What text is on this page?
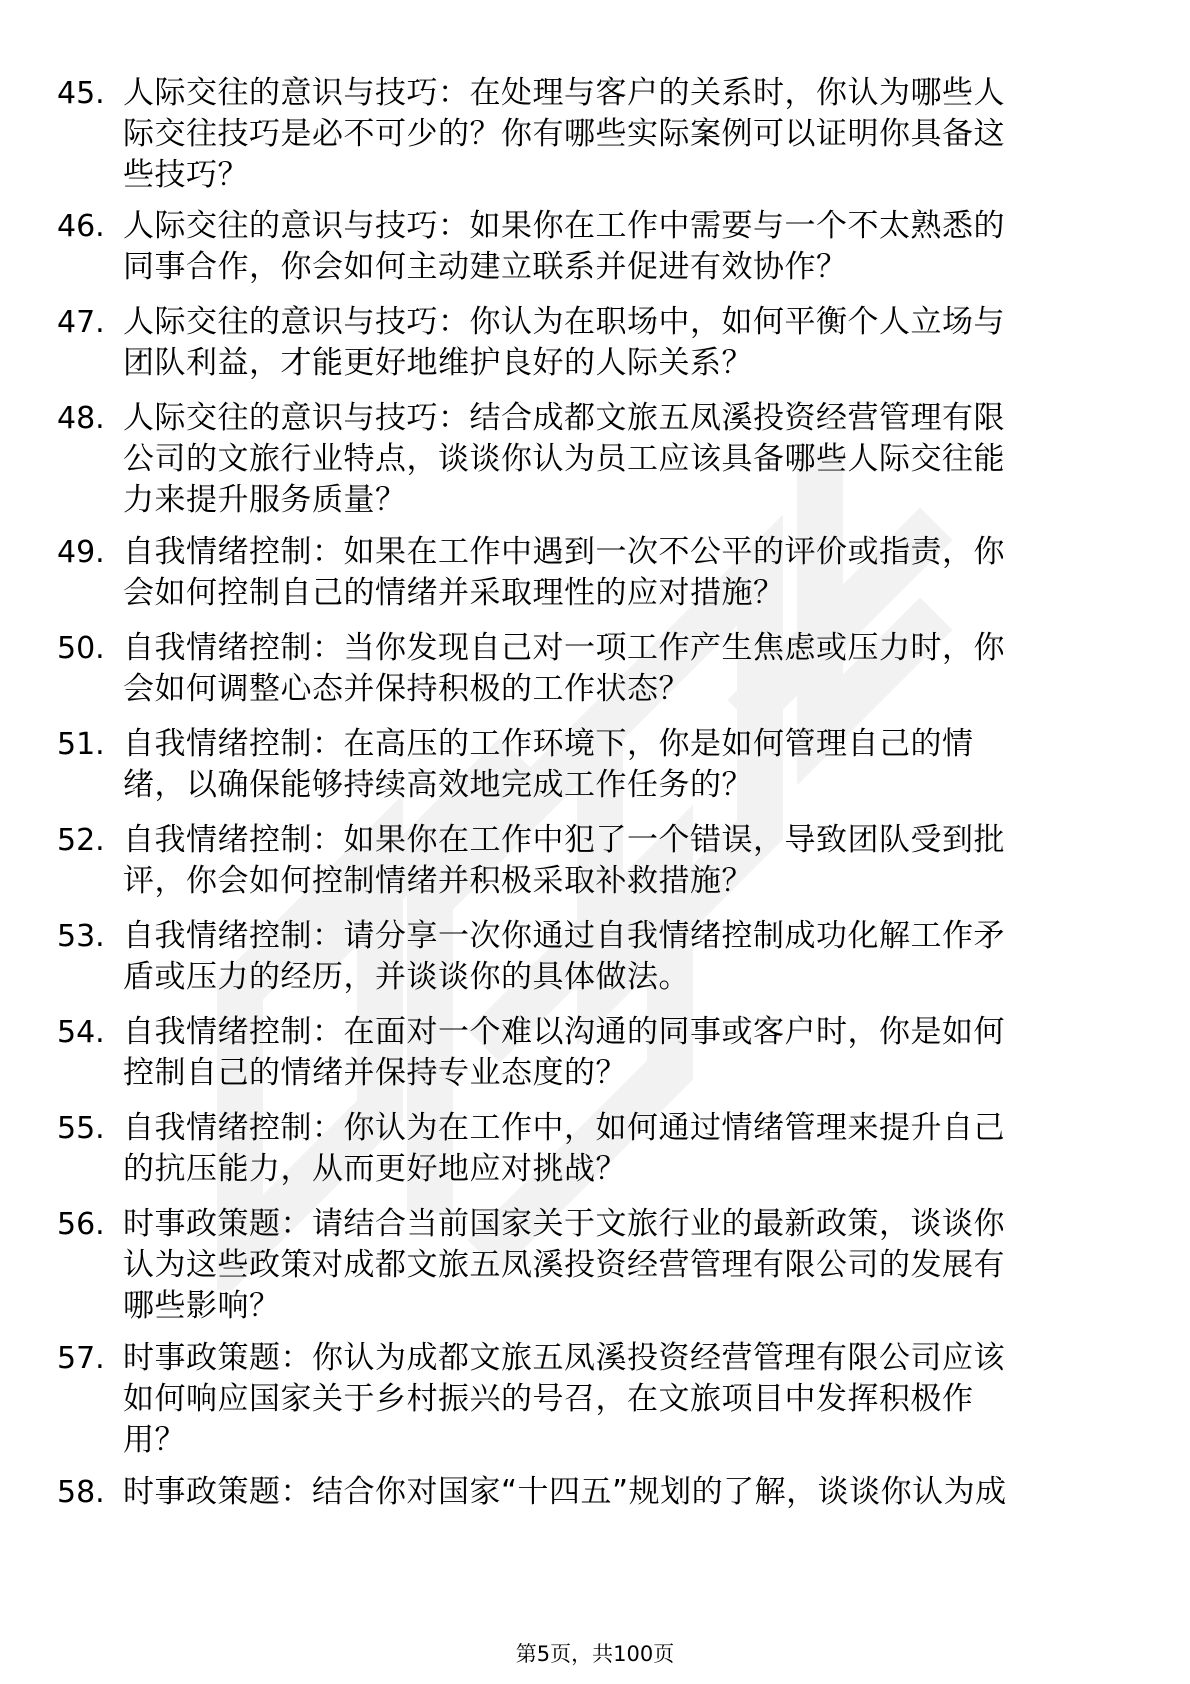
45. 人际交往的意识与技巧：在处理与客户的关系时，你认为哪些人
际交往技巧是必不可少的？你有哪些实际案例可以证明你具备这
些技巧？
46. 人际交往的意识与技巧：如果你在工作中需要与一个不太熟悉的
同事合作，你会如何主动建立联系并促进有效协作？
47. 人际交往的意识与技巧：你认为在职场中，如何平衡个人立场与
团队利益，才能更好地维护良好的人际关系？
48. 人际交往的意识与技巧：结合成都文旅五凤溪投资经营管理有限
公司的文旅行业特点，谈谈你认为员工应该具备哪些人际交往能
力来提升服务质量？
49. 自我情绪控制：如果在工作中遇到一次不公平的评价或指责，你
会如何控制自己的情绪并采取理性的应对措施？
50. 自我情绪控制：当你发现自己对一项工作产生焦虑或压力时，你
会如何调整心态并保持积极的工作状态？
51. 自我情绪控制：在高压的工作环境下，你是如何管理自己的情
绪，以确保能够持续高效地完成工作任务的？
52. 自我情绪控制：如果你在工作中犯了一个错误，导致团队受到批
评，你会如何控制情绪并积极采取补救措施？
53. 自我情绪控制：请分享一次你通过自我情绪控制成功化解工作矛
盾或压力的经历，并谈谈你的具体做法。
54. 自我情绪控制：在面对一个难以沟通的同事或客户时，你是如何
控制自己的情绪并保持专业态度的？
55. 自我情绪控制：你认为在工作中，如何通过情绪管理来提升自己
的抗压能力，从而更好地应对挑战？
56. 时事政策题：请结合当前国家关于文旅行业的最新政策，谈谈你
认为这些政策对成都文旅五凤溪投资经营管理有限公司的发展有
哪些影响？
57. 时事政策题：你认为成都文旅五凤溪投资经营管理有限公司应该
如何响应国家关于乡村振兴的号召，在文旅项目中发挥积极作
用？
58. 时事政策题：结合你对国家“十四五”规划的了解，谈谈你认为成
第5页，共100页
